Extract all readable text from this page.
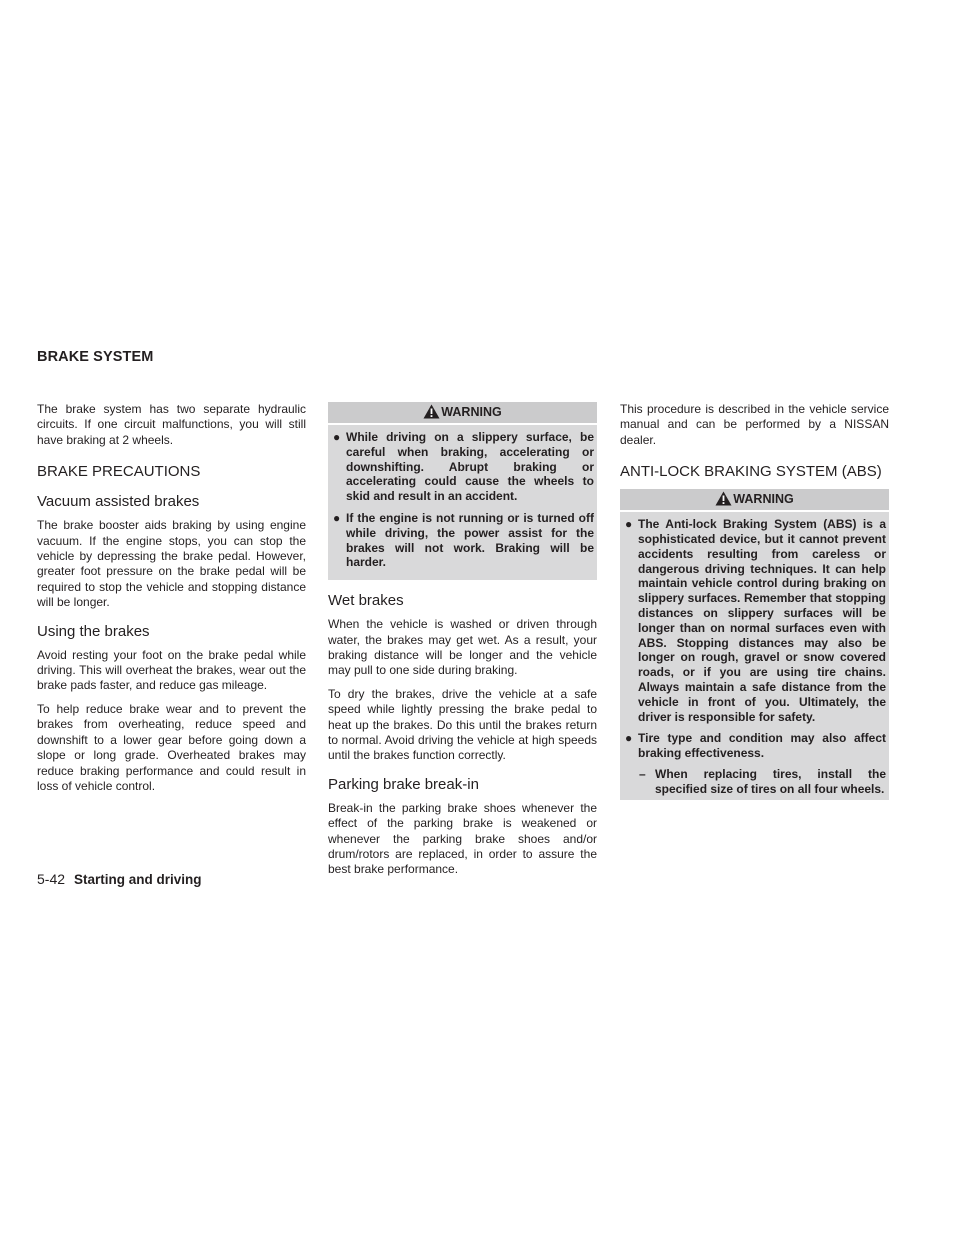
BRAKE SYSTEM

The brake system has two separate hydraulic circuits. If one circuit malfunctions, you will still have braking at 2 wheels.

BRAKE PRECAUTIONS
Vacuum assisted brakes

The brake booster aids braking by using engine vacuum. If the engine stops, you can stop the vehicle by depressing the brake pedal. However, greater foot pressure on the brake pedal will be required to stop the vehicle and stopping distance will be longer.

Using the brakes

Avoid resting your foot on the brake pedal while driving. This will overheat the brakes, wear out the brake pads faster, and reduce gas mileage.

To help reduce brake wear and to prevent the brakes from overheating, reduce speed and downshift to a lower gear before going down a slope or long grade. Overheated brakes may reduce braking performance and could result in loss of vehicle control.

WARNING
● While driving on a slippery surface, be careful when braking, accelerating or downshifting. Abrupt braking or accelerating could cause the wheels to skid and result in an accident.
● If the engine is not running or is turned off while driving, the power assist for the brakes will not work. Braking will be harder.
Wet brakes

When the vehicle is washed or driven through water, the brakes may get wet. As a result, your braking distance will be longer and the vehicle may pull to one side during braking.

To dry the brakes, drive the vehicle at a safe speed while lightly pressing the brake pedal to heat up the brakes. Do this until the brakes return to normal. Avoid driving the vehicle at high speeds until the brakes function correctly.

Parking brake break-in

Break-in the parking brake shoes whenever the effect of the parking brake is weakened or whenever the parking brake shoes and/or drum/rotors are replaced, in order to assure the best brake performance.

This procedure is described in the vehicle service manual and can be performed by a NISSAN dealer.

ANTI-LOCK BRAKING SYSTEM (ABS)
WARNING
● The Anti-lock Braking System (ABS) is a sophisticated device, but it cannot prevent accidents resulting from careless or dangerous driving techniques. It can help maintain vehicle control during braking on slippery surfaces. Remember that stopping distances on slippery surfaces will be longer than on normal surfaces even with ABS. Stopping distances may also be longer on rough, gravel or snow covered roads, or if you are using tire chains. Always maintain a safe distance from the vehicle in front of you. Ultimately, the driver is responsible for safety.
● Tire type and condition may also affect braking effectiveness.
– When replacing tires, install the specified size of tires on all four wheels.
5-42 Starting and driving
